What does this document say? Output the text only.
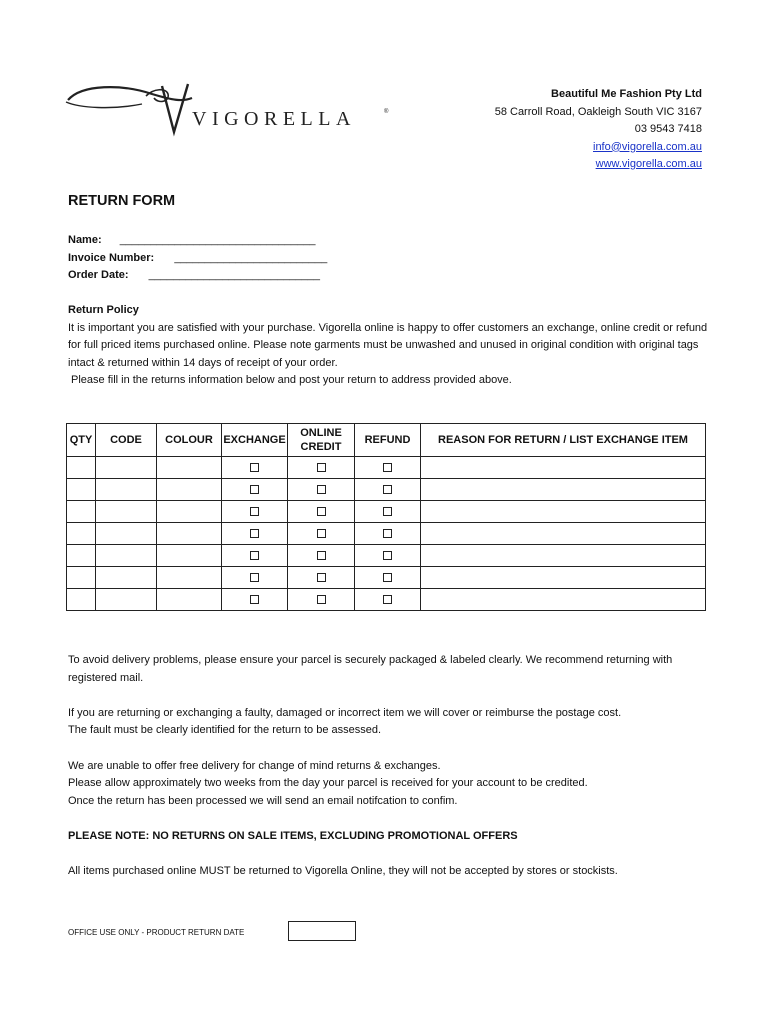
VIGORELLA	®
Beautiful Me Fashion Pty Ltd
58 Carroll Road, Oakleigh South VIC 3167
03 9543 7418
info@vigorella.com.au
www.vigorella.com.au
RETURN FORM
Name: ________________________________
Invoice Number: _________________________
Order Date: ____________________________

Return Policy

It is important you are satisfied with your purchase. Vigorella online is happy to offer customers an exchange, online credit or refund for full priced items purchased online. Please note garments must be unwashed and unused in original condition with original tags intact & returned within 14 days of receipt of your order.

Please fill in the returns information below and post your return to address provided above.

QTY	CODE	COLOUR	EXCHANGE	ONLINE CREDIT	REFUND	REASON FOR RETURN / LIST EXCHANGE ITEM

To avoid delivery problems, please ensure your parcel is securely packaged & labeled clearly. We recommend returning with registered mail.

If you are returning or exchanging a faulty, damaged or incorrect item we will cover or reimburse the postage cost.
The fault must be clearly identified for the return to be assessed.

We are unable to offer free delivery for change of mind returns & exchanges.
Please allow approximately two weeks from the day your parcel is received for your account to be credited.
Once the return has been processed we will send an email notifcation to confim.

PLEASE NOTE: NO RETURNS ON SALE ITEMS, EXCLUDING PROMOTIONAL OFFERS

All items purchased online MUST be returned to Vigorella Online, they will not be accepted by stores or stockists.

OFFICE USE ONLY - PRODUCT RETURN DATE
